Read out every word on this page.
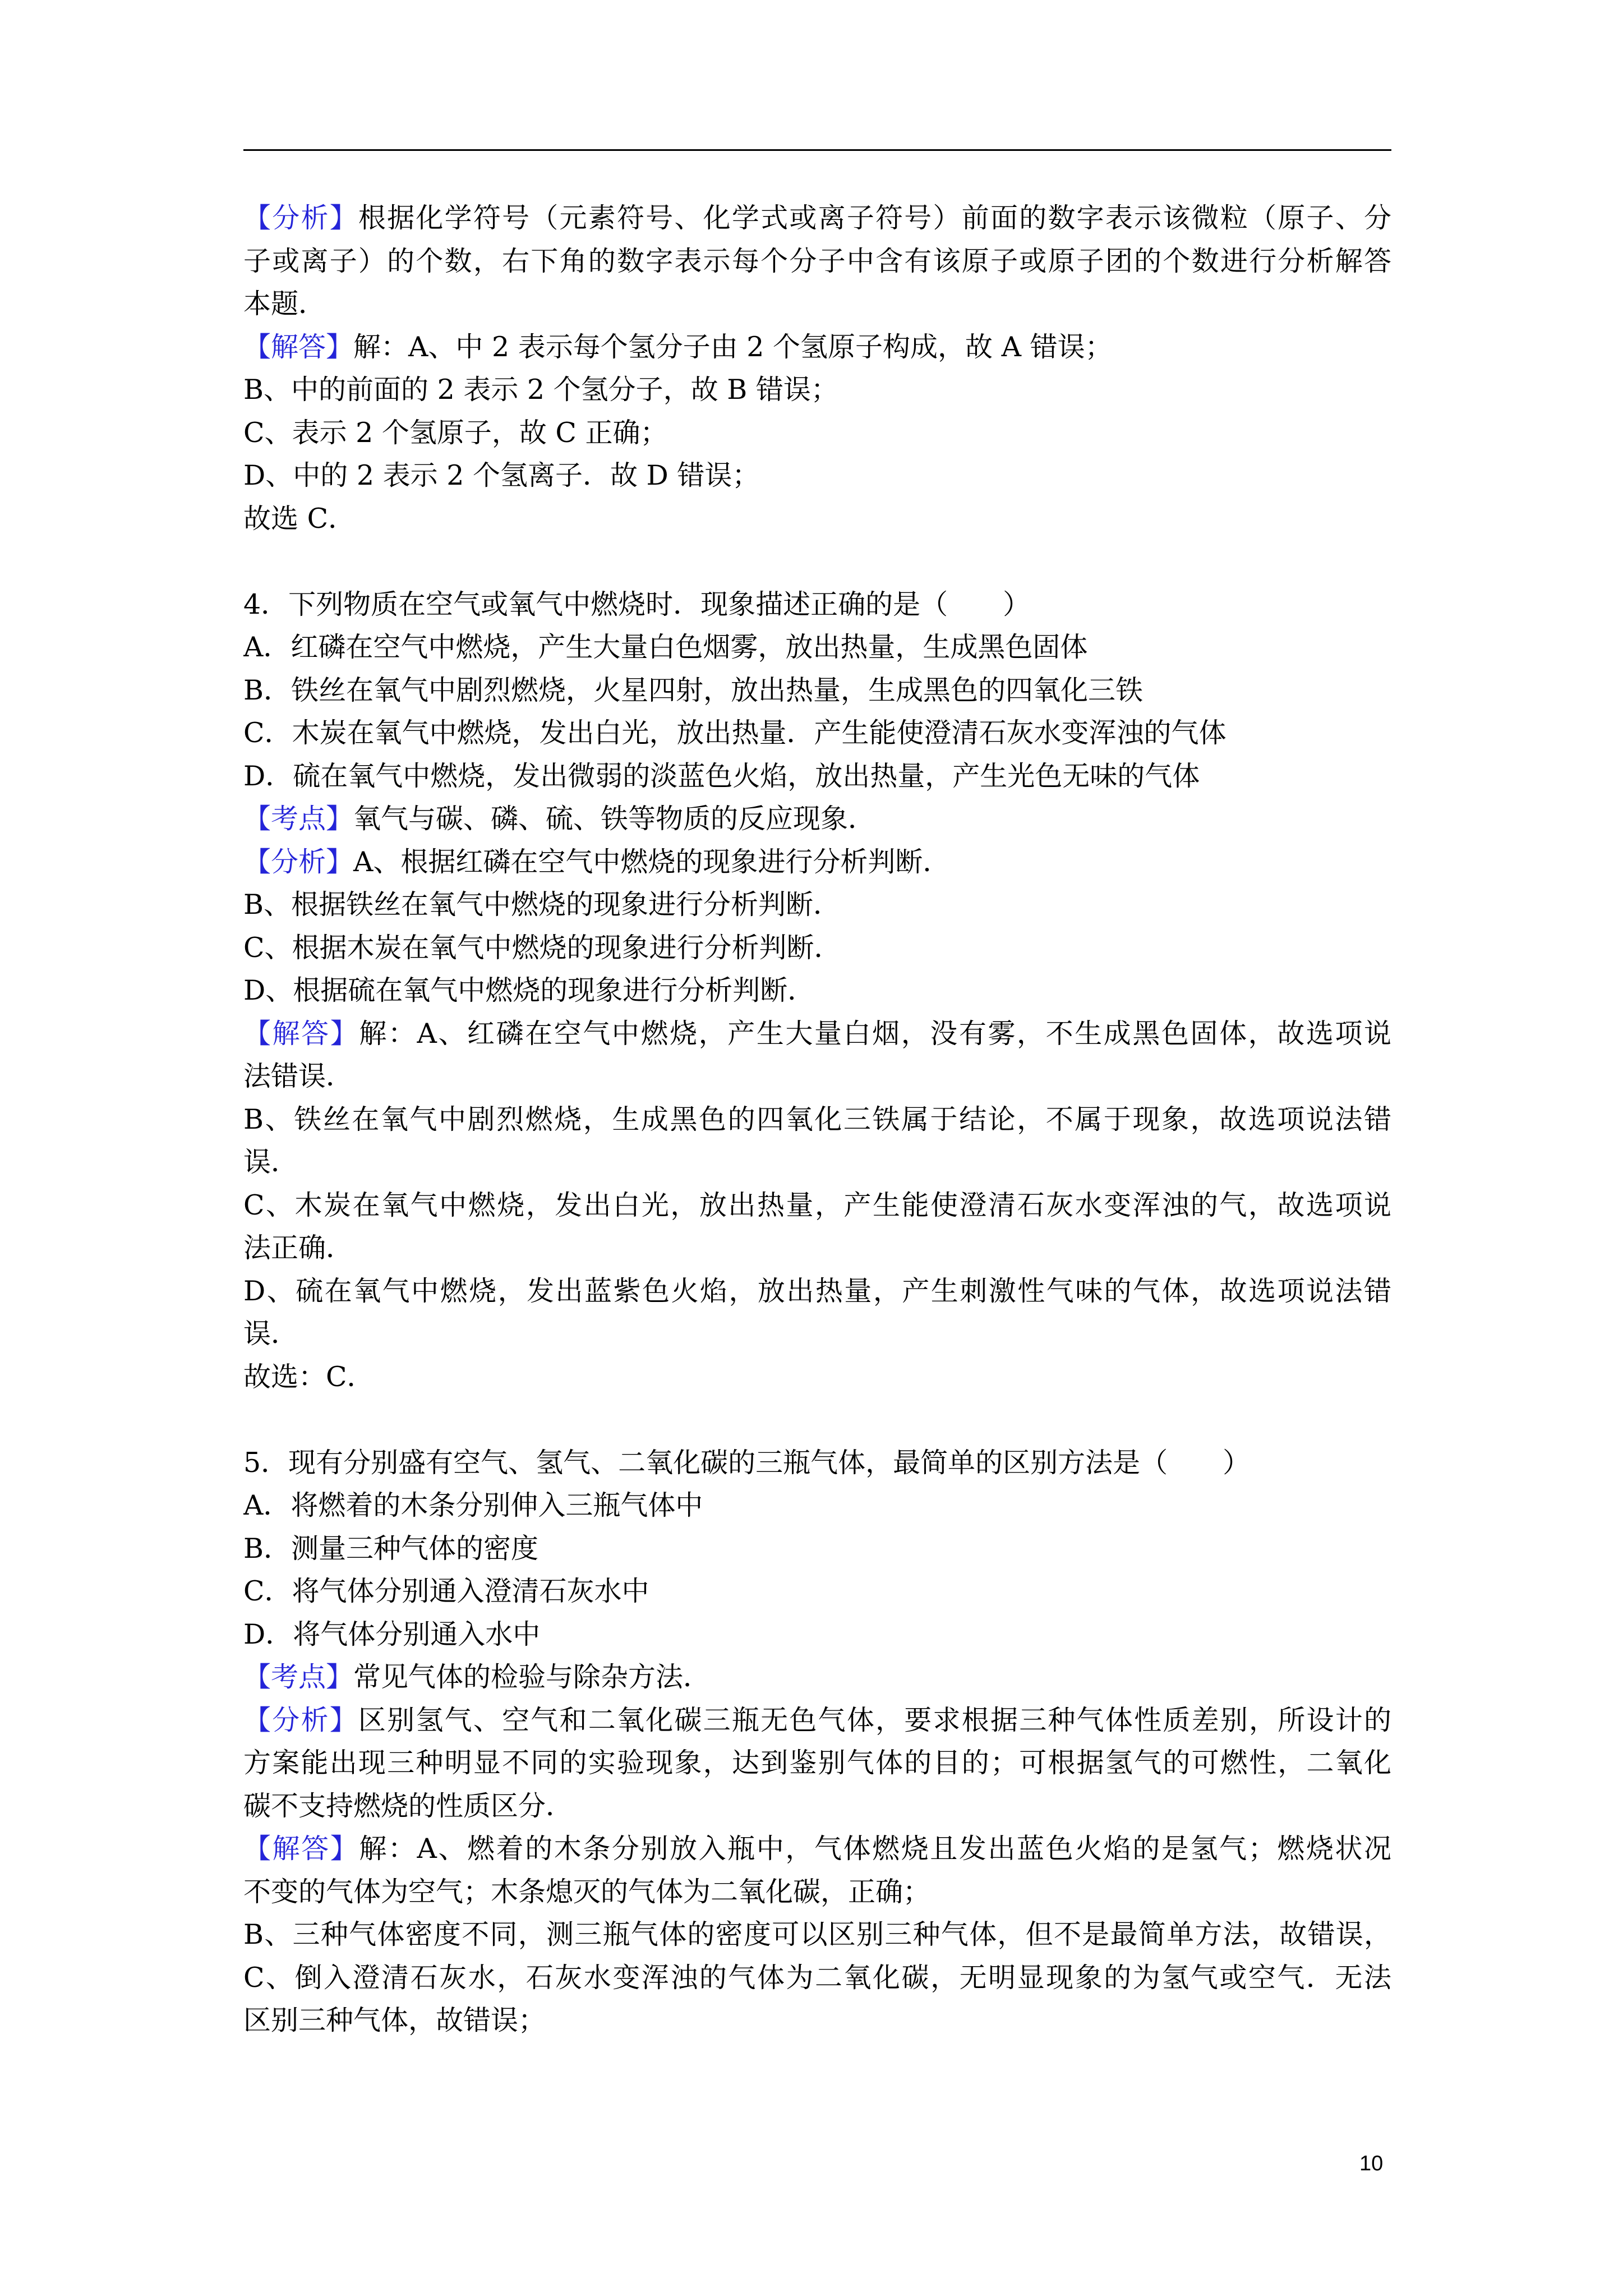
【分析】根据化学符号（元素符号、化学式或离子符号）前面的数字表示该微粒（原子、分
子或离子）的个数，右下角的数字表示每个分子中含有该原子或原子团的个数进行分析解答
本题．
【解答】解：A、中 2 表示每个氢分子由 2 个氢原子构成，故 A 错误；
B、中的前面的 2 表示 2 个氢分子，故 B 错误；
C、表示 2 个氢原子，故 C 正确；
D、中的 2 表示 2 个氢离子．故 D 错误；
故选 C．
4．下列物质在空气或氧气中燃烧时．现象描述正确的是（　　）
A．红磷在空气中燃烧，产生大量白色烟雾，放出热量，生成黑色固体
B．铁丝在氧气中剧烈燃烧，火星四射，放出热量，生成黑色的四氧化三铁
C．木炭在氧气中燃烧，发出白光，放出热量．产生能使澄清石灰水变浑浊的气体
D．硫在氧气中燃烧，发出微弱的淡蓝色火焰，放出热量，产生光色无味的气体
【考点】氧气与碳、磷、硫、铁等物质的反应现象．
【分析】A、根据红磷在空气中燃烧的现象进行分析判断．
B、根据铁丝在氧气中燃烧的现象进行分析判断．
C、根据木炭在氧气中燃烧的现象进行分析判断．
D、根据硫在氧气中燃烧的现象进行分析判断．
【解答】解：A、红磷在空气中燃烧，产生大量白烟，没有雾，不生成黑色固体，故选项说
法错误．
B、铁丝在氧气中剧烈燃烧，生成黑色的四氧化三铁属于结论，不属于现象，故选项说法错
误．
C、木炭在氧气中燃烧，发出白光，放出热量，产生能使澄清石灰水变浑浊的气，故选项说
法正确．
D、硫在氧气中燃烧，发出蓝紫色火焰，放出热量，产生刺激性气味的气体，故选项说法错
误．
故选：C．
5．现有分别盛有空气、氢气、二氧化碳的三瓶气体，最简单的区别方法是（　　）
A．将燃着的木条分别伸入三瓶气体中
B．测量三种气体的密度
C．将气体分别通入澄清石灰水中
D．将气体分别通入水中
【考点】常见气体的检验与除杂方法．
【分析】区别氢气、空气和二氧化碳三瓶无色气体，要求根据三种气体性质差别，所设计的
方案能出现三种明显不同的实验现象，达到鉴别气体的目的；可根据氢气的可燃性，二氧化
碳不支持燃烧的性质区分．
【解答】解：A、燃着的木条分别放入瓶中，气体燃烧且发出蓝色火焰的是氢气；燃烧状况
不变的气体为空气；木条熄灭的气体为二氧化碳，正确；
B、三种气体密度不同，测三瓶气体的密度可以区别三种气体，但不是最简单方法，故错误，
C、倒入澄清石灰水，石灰水变浑浊的气体为二氧化碳，无明显现象的为氢气或空气．无法
区别三种气体，故错误；
10
